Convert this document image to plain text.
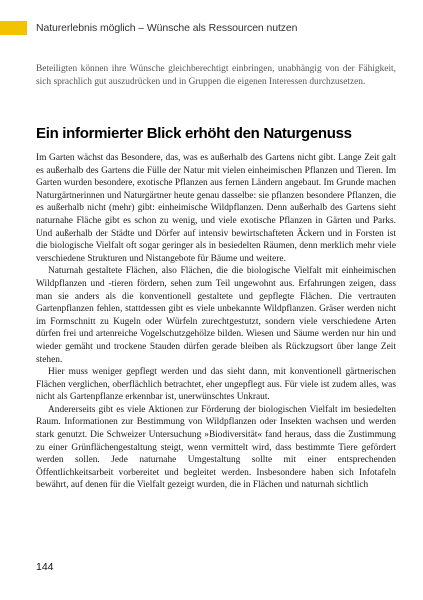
Naturerlebnis möglich – Wünsche als Ressourcen nutzen

Beteiligten können ihre Wünsche gleichberechtigt einbringen, unabhängig von der Fähigkeit, sich sprachlich gut auszudrücken und in Gruppen die eigenen Interessen durchzusetzen.

Ein informierter Blick erhöht den Naturgenuss

Im Garten wächst das Besondere, das, was es außerhalb des Gartens nicht gibt. Lange Zeit galt es außerhalb des Gartens die Fülle der Natur mit vielen einheimischen Pflanzen und Tieren. Im Garten wurden besondere, exotische Pflanzen aus fernen Ländern angebaut. Im Grunde machen Naturgärtnerinnen und Naturgärtner heute genau dasselbe: sie pflanzen besondere Pflanzen, die es außerhalb nicht (mehr) gibt: einheimische Wildpflanzen. Denn außerhalb des Gartens sieht naturnahe Fläche gibt es schon zu wenig, und viele exotische Pflanzen in Gärten und Parks. Und außerhalb der Städte und Dörfer auf intensiv bewirtschafteten Äckern und in Forsten ist die biologische Vielfalt oft sogar geringer als in besiedelten Räumen, denn merklich mehr viele verschiedene Strukturen und Nistangebote für Bäume und weitere.

Naturnah gestaltete Flächen, also Flächen, die die biologische Vielfalt mit einheimischen Wildpflanzen und -tieren fördern, sehen zum Teil ungewohnt aus. Erfahrungen zeigen, dass man sie anders als die konventionell gestaltete und gepflegte Flächen. Die vertrauten Gartenpflanzen fehlen, stattdessen gibt es viele unbekannte Wildpflanzen. Gräser werden nicht im Formschnitt zu Kugeln oder Würfeln zurechtgestutzt, sondern viele verschiedene Arten dürfen frei und artenreiche Vogelschutzgehölze bilden. Wiesen und Säume werden nur hin und wieder gemäht und trockene Stauden dürfen gerade bleiben als Rückzugsort über lange Zeit stehen.

Hier muss weniger gepflegt werden und das sieht dann, mit konventionell gärtnerischen Flächen verglichen, oberflächlich betrachtet, eher ungepflegt aus. Für viele ist zudem alles, was nicht als Gartenpflanze erkennbar ist, unerwünschtes Unkraut.

Andererseits gibt es viele Aktionen zur Förderung der biologischen Vielfalt im besiedelten Raum. Informationen zur Bestimmung von Wildpflanzen oder Insekten wachsen und werden stark genutzt. Die Schweizer Untersuchung »Biodiversität« fand heraus, dass die Zustimmung zu einer Grünflächengestaltung steigt, wenn vermittelt wird, dass bestimmte Tiere gefördert werden sollen. Jede naturnahe Umgestaltung sollte mit einer entsprechenden Öffentlichkeitsarbeit vorbereitet und begleitet werden. Insbesondere haben sich Infotafeln bewährt, auf denen für die Vielfalt gezeigt wurden, die in Flächen und naturnah sichtlich

144
